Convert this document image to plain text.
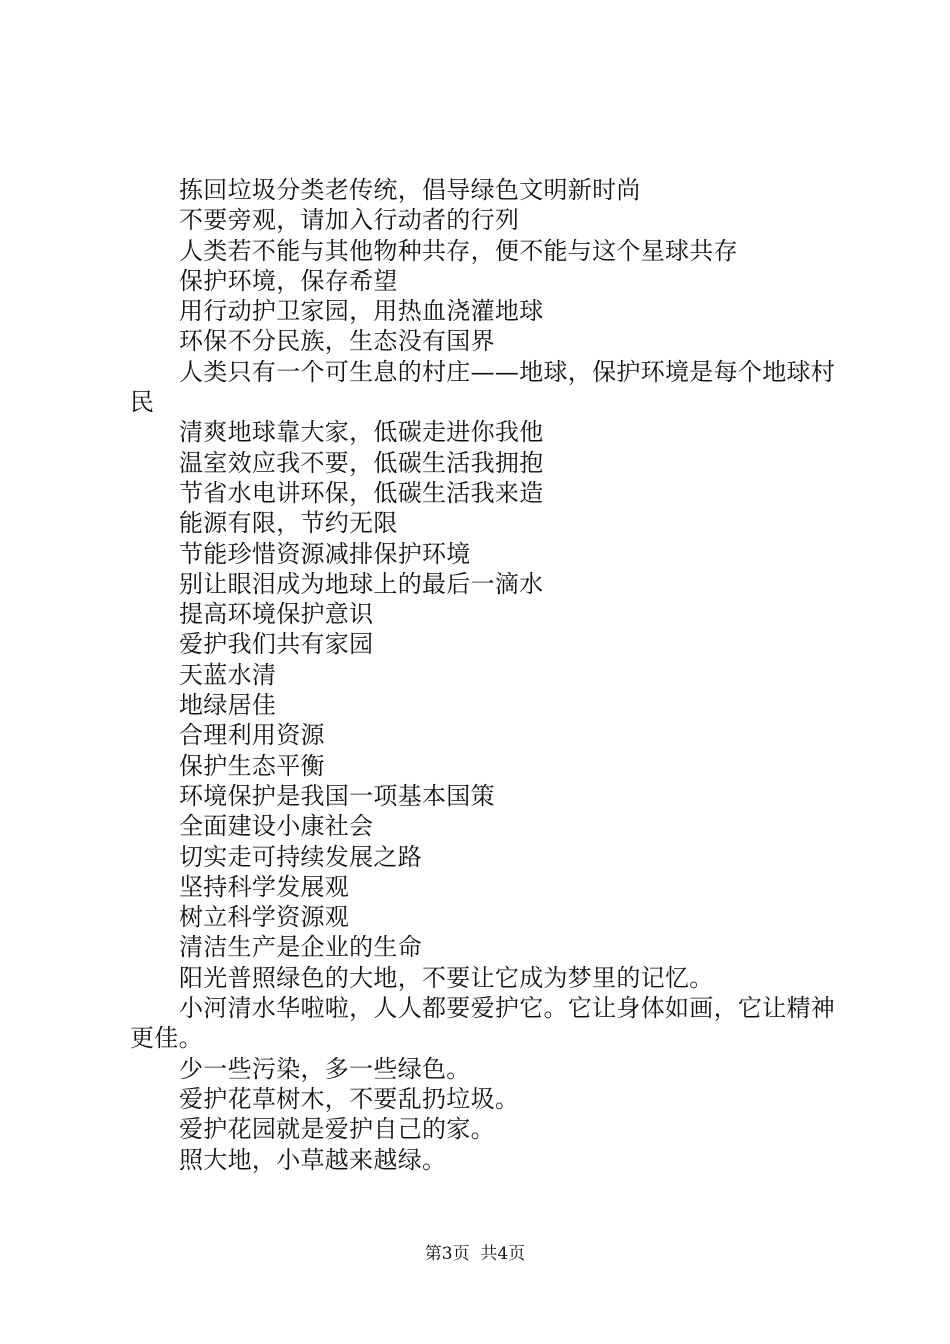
拣回垃圾分类老传统，倡导绿色文明新时尚

不要旁观，请加入行动者的行列

人类若不能与其他物种共存，便不能与这个星球共存

保护环境，保存希望

用行动护卫家园，用热血浇灌地球

环保不分民族，生态没有国界

人类只有一个可生息的村庄——地球，保护环境是每个地球村民

清爽地球靠大家，低碳走进你我他

温室效应我不要，低碳生活我拥抱

节省水电讲环保，低碳生活我来造

能源有限，节约无限

节能珍惜资源减排保护环境

别让眼泪成为地球上的最后一滴水

提高环境保护意识

爱护我们共有家园

天蓝水清

地绿居佳

合理利用资源

保护生态平衡

环境保护是我国一项基本国策

全面建设小康社会

切实走可持续发展之路

坚持科学发展观

树立科学资源观

清洁生产是企业的生命

阳光普照绿色的大地，不要让它成为梦里的记忆。

小河清水华啦啦，人人都要爱护它。它让身体如画，它让精神更佳。

少一些污染，多一些绿色。

爱护花草树木，不要乱扔垃圾。

爱护花园就是爱护自己的家。

照大地，小草越来越绿。

第3页 共4页
